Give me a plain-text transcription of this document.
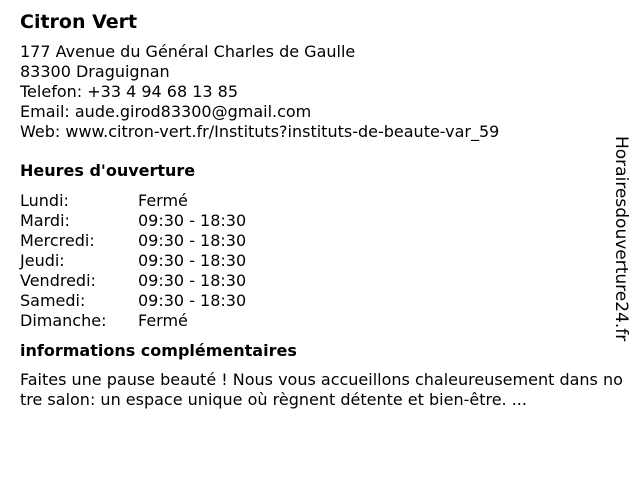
Citron Vert
177 Avenue du Général Charles de Gaulle
83300 Draguignan
Telefon: +33 4 94 68 13 85
Email: aude.girod83300@gmail.com
Web: www.citron-vert.fr/Instituts?instituts-de-beaute-var_59
Heures d'ouverture
Lundi:	Fermé
Mardi:	09:30 - 18:30
Mercredi:	09:30 - 18:30
Jeudi:	09:30 - 18:30
Vendredi:	09:30 - 18:30
Samedi:	09:30 - 18:30
Dimanche: Fermé
informations complémentaires
Faites une pause beauté ! Nous vous accueillons chaleureusement dans notre salon: un espace unique où règnent détente et bien-être. ...
Horairesdouverture24.fr
